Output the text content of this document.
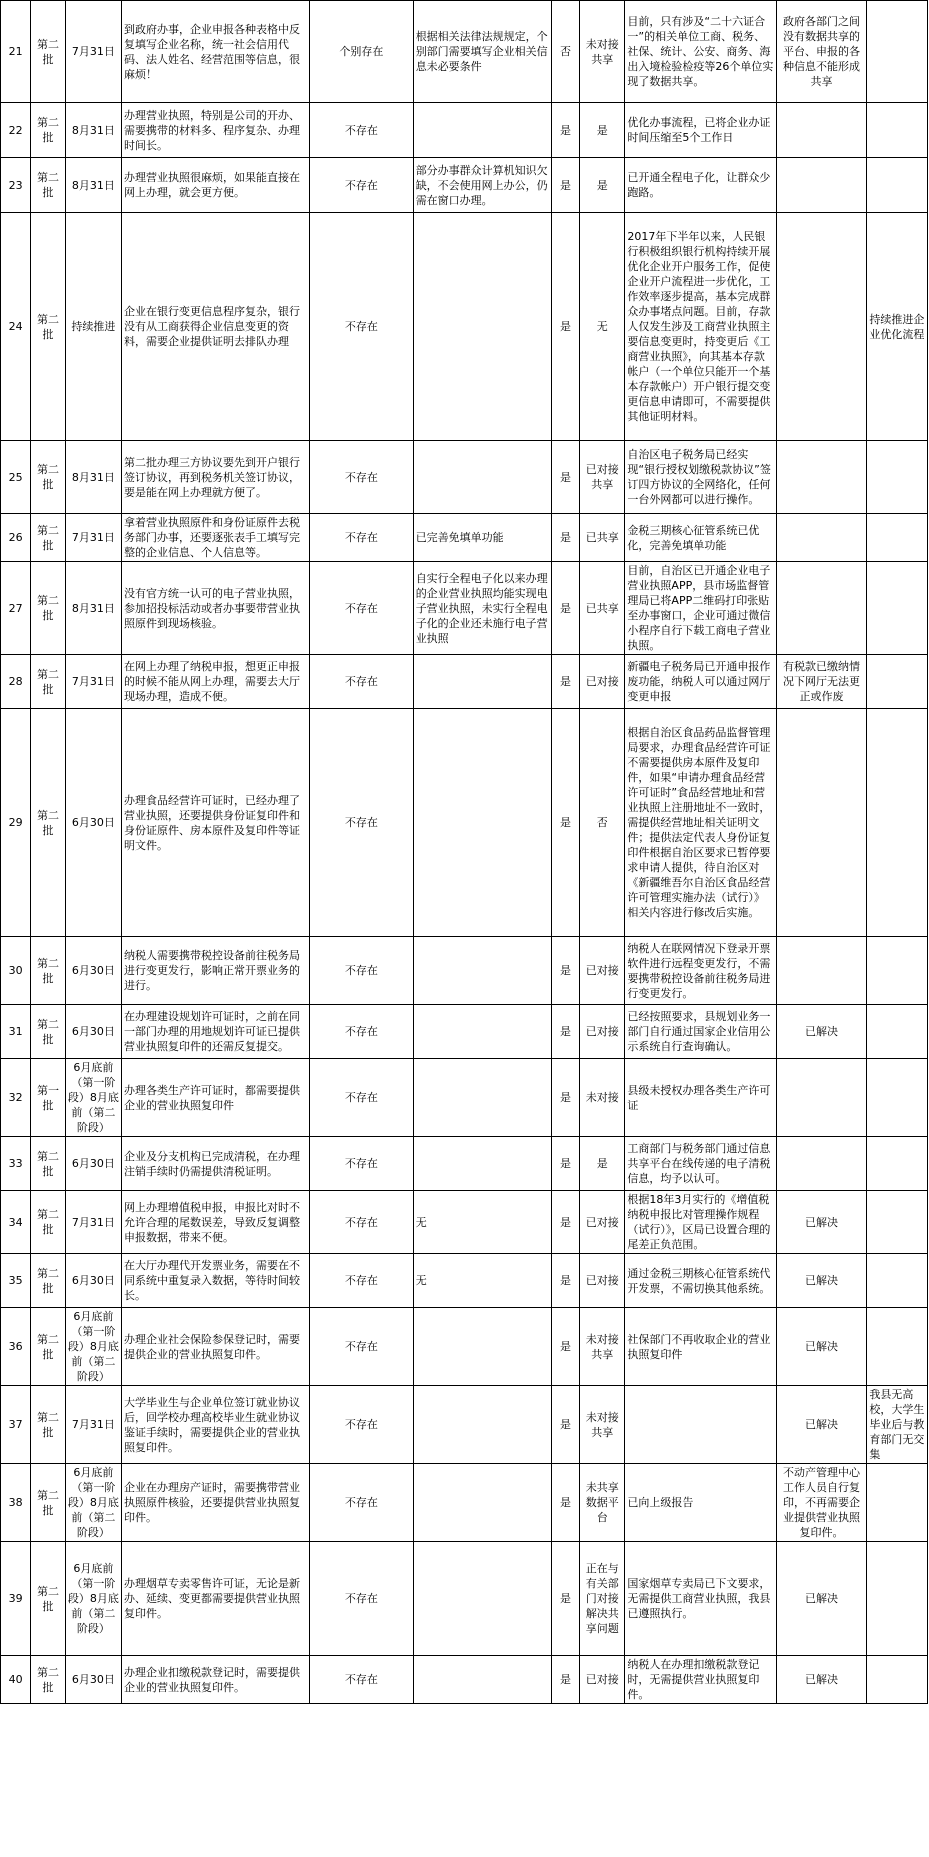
21	第二批	7月31日	到政府办事，企业申报各种表格中反复填写企业名称，统一社会信用代码、法人姓名、经营范围等信息，很麻烦！	个别存在	根据相关法律法规规定，个别部门需要填写企业相关信息未必要条件	否	未对接共享	目前，只有涉及“二十六证合一”的相关单位工商、税务、社保、统计、公安、商务、海出入境检验检疫等26个单位实现了数据共享。	政府各部门之间没有数据共享的平台、申报的各种信息不能形成共享	
22	第二批	8月31日	办理营业执照，特别是公司的开办、需要携带的材料多、程序复杂、办理时间长。	不存在		是	是	优化办事流程，已将企业办证时间压缩至5个工作日		
23	第二批	8月31日	办理营业执照很麻烦，如果能直接在网上办理，就会更方便。	不存在	部分办事群众计算机知识欠缺，不会使用网上办公，仍需在窗口办理。	是	是	已开通全程电子化，让群众少跑路。		
24	第二批	持续推进	企业在银行变更信息程序复杂，银行没有从工商获得企业信息变更的资料，需要企业提供证明去排队办理	不存在		是	无	2017年下半年以来，人民银行积极组织银行机构持续开展优化企业开户服务工作，促使企业开户流程进一步优化，工作效率逐步提高，基本完成群众办事堵点问题。目前，存款人仅发生涉及工商营业执照主要信息变更时，持变更后《工商营业执照》，向其基本存款帐户（一个单位只能开一个基本存款帐户）开户银行提交变更信息申请即可，不需要提供其他证明材料。		持续推进企业优化流程
25	第二批	8月31日	第二批办理三方协议要先到开户银行签订协议，再到税务机关签订协议，要是能在网上办理就方便了。	不存在		是	已对接共享	自治区电子税务局已经实现“银行授权划缴税款协议”签订四方协议的全网络化，任何一台外网都可以进行操作。		
26	第二批	7月31日	拿着营业执照原件和身份证原件去税务部门办事，还要逐张表手工填写完整的企业信息、个人信息等。	不存在	已完善免填单功能	是	已共享	金税三期核心征管系统已优化，完善免填单功能		
27	第二批	8月31日	没有官方统一认可的电子营业执照，参加招投标活动或者办事要带营业执照原件到现场核验。	不存在	自实行全程电子化以来办理的企业营业执照均能实现电子营业执照，未实行全程电子化的企业还未施行电子营业执照	是	已共享	目前，自治区已开通企业电子营业执照APP，县市场监督管理局已将APP二维码打印张贴至办事窗口，企业可通过微信小程序自行下载工商电子营业执照。		
28	第二批	7月31日	在网上办理了纳税申报，想更正申报的时候不能从网上办理，需要去大厅现场办理，造成不便。	不存在		是	已对接	新疆电子税务局已开通申报作废功能，纳税人可以通过网厅变更申报	有税款已缴纳情况下网厅无法更正或作废	
29	第二批	6月30日	办理食品经营许可证时，已经办理了营业执照，还要提供身份证复印件和身份证原件、房本原件及复印件等证明文件。	不存在		是	否	根据自治区食品药品监督管理局要求，办理食品经营许可证不需要提供房本原件及复印件，如果“申请办理食品经营许可证时”食品经营地址和营业执照上注册地址不一致时，需提供经营地址相关证明文件；提供法定代表人身份证复印件根据自治区要求已暂停要求申请人提供，待自治区对《新疆维吾尔自治区食品经营许可管理实施办法（试行）》相关内容进行修改后实施。		
30	第二批	6月30日	纳税人需要携带税控设备前往税务局进行变更发行，影响正常开票业务的进行。	不存在		是	已对接	纳税人在联网情况下登录开票软件进行远程变更发行，不需要携带税控设备前往税务局进行变更发行。		
31	第二批	6月30日	在办理建设规划许可证时，之前在同一部门办理的用地规划许可证已提供营业执照复印件的还需反复提交。	不存在		是	已对接	已经按照要求，县规划业务一部门自行通过国家企业信用公示系统自行查询确认。	已解决	
32	第一批	6月底前（第一阶段）8月底前（第二阶段）	办理各类生产许可证时，都需要提供企业的营业执照复印件	不存在		是	未对接	县级未授权办理各类生产许可证		
33	第二批	6月30日	企业及分支机构已完成清税，在办理注销手续时仍需提供清税证明。	不存在		是	是	工商部门与税务部门通过信息共享平台在线传递的电子清税信息，均予以认可。		
34	第二批	7月31日	网上办理增值税申报，申报比对时不允许合理的尾数误差，导致反复调整申报数据，带来不便。	不存在	无	是	已对接	根据18年3月实行的《增值税纳税申报比对管理操作规程（试行）》，区局已设置合理的尾差正负范围。	已解决	
35	第二批	6月30日	在大厅办理代开发票业务，需要在不同系统中重复录入数据，等待时间较长。	不存在	无	是	已对接	通过金税三期核心征管系统代开发票，不需切换其他系统。	已解决	
36	第二批	6月底前（第一阶段）8月底前（第二阶段）	办理企业社会保险参保登记时，需要提供企业的营业执照复印件。	不存在		是	未对接共享	社保部门不再收取企业的营业执照复印件	已解决	
37	第二批	7月31日	大学毕业生与企业单位签订就业协议后，回学校办理高校毕业生就业协议鉴证手续时，需要提供企业的营业执照复印件。	不存在		是	未对接共享		已解决	我县无高校，大学生毕业后与教育部门无交集
38	第二批	6月底前（第一阶段）8月底前（第二阶段）	企业在办理房产证时，需要携带营业执照原件核验，还要提供营业执照复印件。	不存在		是	未共享数据平台	已向上级报告	不动产管理中心工作人员自行复印，不再需要企业提供营业执照复印件。	
39	第二批	6月底前（第一阶段）8月底前（第二阶段）	办理烟草专卖零售许可证，无论是新办、延续、变更都需要提供营业执照复印件。	不存在		是	正在与有关部门对接解决共享问题	国家烟草专卖局已下文要求，无需提供工商营业执照，我县已遵照执行。	已解决	
40	第二批	6月30日	办理企业扣缴税款登记时，需要提供企业的营业执照复印件。	不存在		是	已对接	纳税人在办理扣缴税款登记时，无需提供营业执照复印件。	已解决	
